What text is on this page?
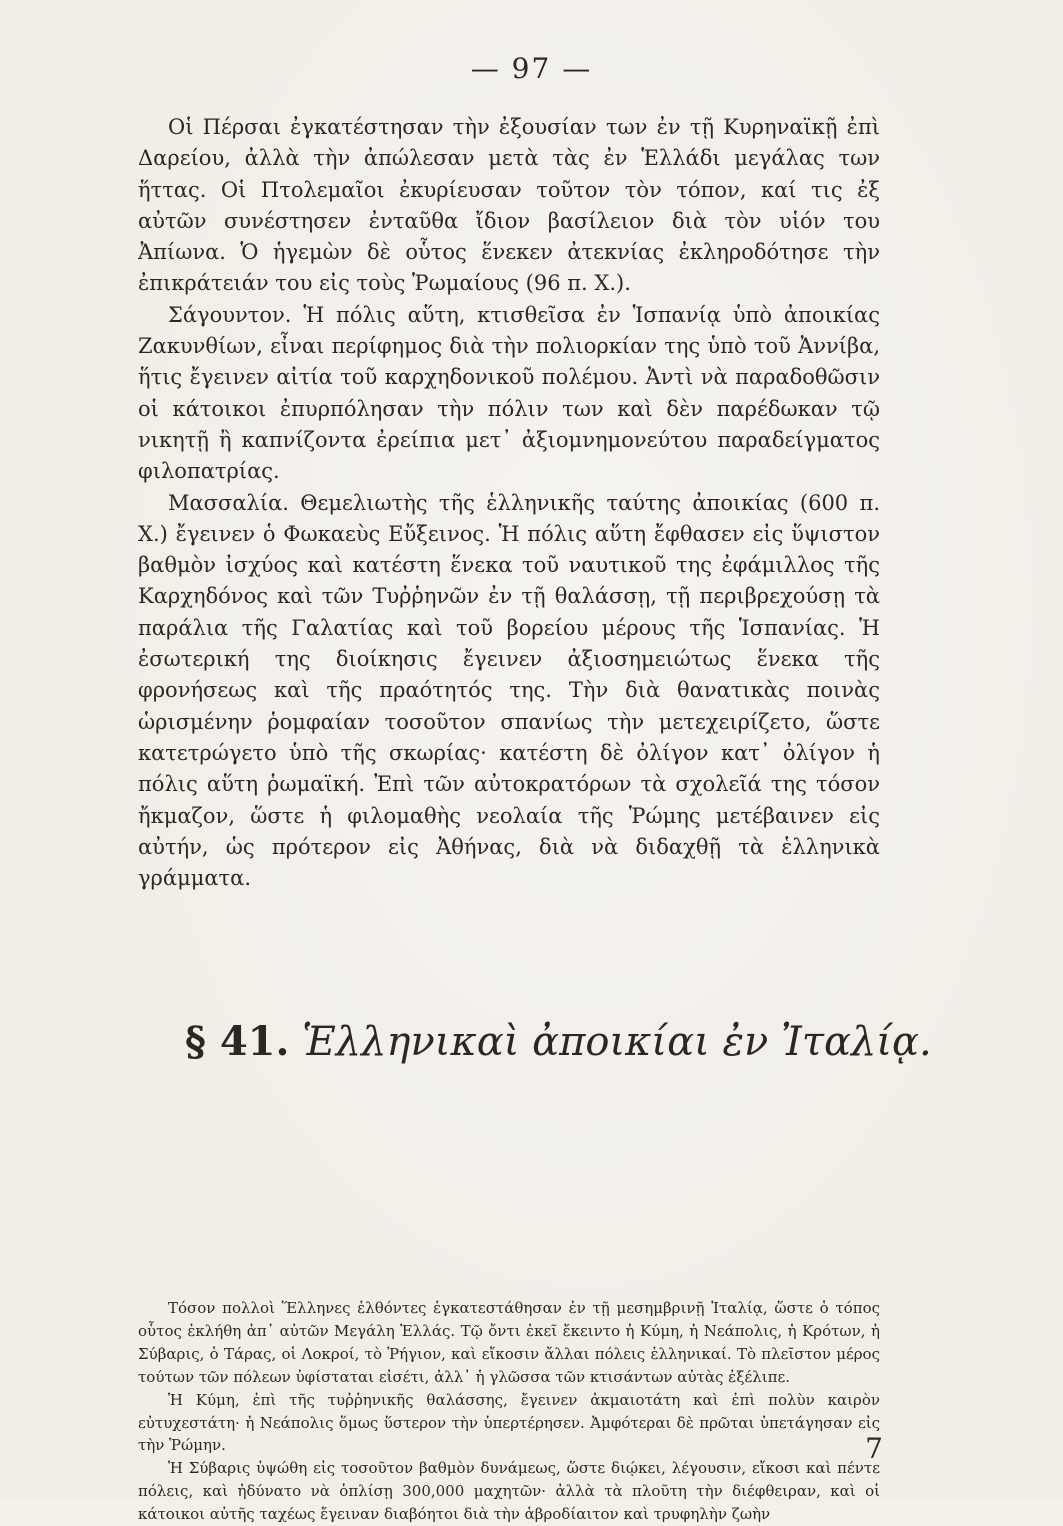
— 97 —

Οἱ Πέρσαι ἐγκατέστησαν τὴν ἐξουσίαν των ἐν τῇ Κυρηναϊκῇ ἐπὶ Δαρείου, ἀλλὰ τὴν ἀπώλεσαν μετὰ τὰς ἐν Ἑλλάδι μεγάλας των ἥττας. Οἱ Πτολεμαῖοι ἐκυρίευσαν τοῦτον τὸν τόπον, καί τις ἐξ αὐτῶν συνέστησεν ἐνταῦθα ἴδιον βασίλειον διὰ τὸν υἱόν του Ἀπίωνα. Ὁ ἡγεμὼν δὲ οὗτος ἕνεκεν ἀτεκνίας ἐκληροδότησε τὴν ἐπικράτειάν του εἰς τοὺς Ῥωμαίους (96 π. Χ.).

Σάγουντον. Ἡ πόλις αὕτη, κτισθεῖσα ἐν Ἱσπανίᾳ ὑπὸ ἀποικίας Ζακυνθίων, εἶναι περίφημος διὰ τὴν πολιορκίαν της ὑπὸ τοῦ Ἀννίβα, ἥτις ἔγεινεν αἰτία τοῦ καρχηδονικοῦ πολέμου. Ἀντὶ νὰ παραδοθῶσιν οἱ κάτοικοι ἐπυρπόλησαν τὴν πόλιν των καὶ δὲν παρέδωκαν τῷ νικητῇ ἢ καπνίζοντα ἐρείπια μετ᾽ ἀξιομνημονεύτου παραδείγματος φιλοπατρίας.

Μασσαλία. Θεμελιωτὴς τῆς ἑλληνικῆς ταύτης ἀποικίας (600 π. Χ.) ἔγεινεν ὁ Φωκαεὺς Εὔξεινος. Ἡ πόλις αὕτη ἔφθασεν εἰς ὕψιστον βαθμὸν ἰσχύος καὶ κατέστη ἕνεκα τοῦ ναυτικοῦ της ἐφάμιλλος τῆς Καρχηδόνος καὶ τῶν Τυῤῥηνῶν ἐν τῇ θαλάσσῃ, τῇ περιβρεχούσῃ τὰ παράλια τῆς Γαλατίας καὶ τοῦ βορείου μέρους τῆς Ἱσπανίας. Ἡ ἐσωτερική της διοίκησις ἔγεινεν ἀξιοσημειώτως ἕνεκα τῆς φρονήσεως καὶ τῆς πραότητός της. Τὴν διὰ θανατικὰς ποινὰς ὡρισμένην ῥομφαίαν τοσοῦτον σπανίως τὴν μετεχειρίζετο, ὥστε κατετρώγετο ὑπὸ τῆς σκωρίας· κατέστη δὲ ὀλίγον κατ᾽ ὀλίγον ἡ πόλις αὕτη ῥωμαϊκή. Ἐπὶ τῶν αὐτοκρατόρων τὰ σχολεῖά της τόσον ἤκμαζον, ὥστε ἡ φιλομαθὴς νεολαία τῆς Ῥώμης μετέβαινεν εἰς αὐτήν, ὡς πρότερον εἰς Ἀθήνας, διὰ νὰ διδαχθῇ τὰ ἑλληνικὰ γράμματα.

§ 41. Ἑλληνικαὶ ἀποικίαι ἐν Ἰταλίᾳ.

Τόσον πολλοὶ Ἕλληνες ἐλθόντες ἐγκατεστάθησαν ἐν τῇ μεσημβρινῇ Ἰταλίᾳ, ὥστε ὁ τόπος οὗτος ἐκλήθη ἀπ᾽ αὐτῶν Μεγάλη Ἑλλάς. Τῷ ὄντι ἐκεῖ ἔκειντο ἡ Κύμη, ἡ Νεάπολις, ἡ Κρότων, ἡ Σύβαρις, ὁ Τάρας, οἱ Λοκροί, τὸ Ῥήγιον, καὶ εἴκοσιν ἄλλαι πόλεις ἑλληνικαί. Τὸ πλεῖστον μέρος τούτων τῶν πόλεων ὑφίσταται εἰσέτι, ἀλλ᾽ ἡ γλῶσσα τῶν κτισάντων αὐτὰς ἐξέλιπε.

Ἡ Κύμη, ἐπὶ τῆς τυῤῥηνικῆς θαλάσσης, ἔγεινεν ἀκμαιοτάτη καὶ ἐπὶ πολὺν καιρὸν εὐτυχεστάτη· ἡ Νεάπολις ὅμως ὕστερον τὴν ὑπερτέρησεν. Ἀμφότεραι δὲ πρῶται ὑπετάγησαν εἰς τὴν Ῥώμην.

Ἡ Σύβαρις ὑψώθη εἰς τοσοῦτον βαθμὸν δυνάμεως, ὥστε διῴκει, λέγουσιν, εἴκοσι καὶ πέντε πόλεις, καὶ ἠδύνατο νὰ ὁπλίσῃ 300,000 μαχητῶν· ἀλλὰ τὰ πλοῦτη τὴν διέφθειραν, καὶ οἱ κάτοικοι αὐτῆς ταχέως ἔγειναν διαβόητοι διὰ τὴν ἁβροδίαιτον καὶ τρυφηλὴν ζωὴν

7
